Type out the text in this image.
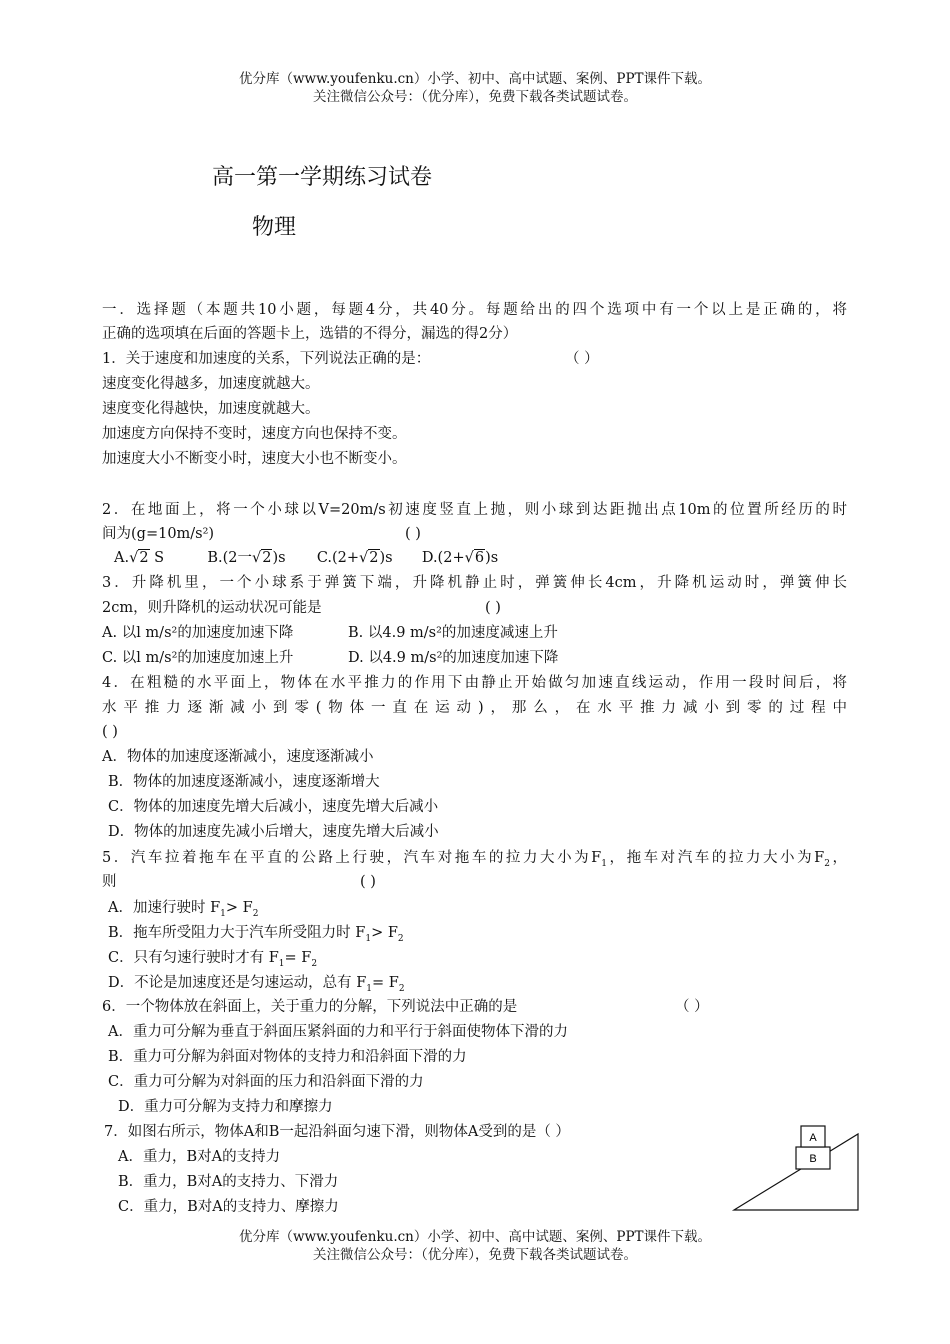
优分库（www.youfenku.cn）小学、初中、高中试题、案例、PPT课件下载。
关注微信公众号：（优分库），免费下载各类试题试卷。
高一第一学期练习试卷
物理
一．选择题（本题共10小题，每题4分，共40分。每题给出的四个选项中有一个以上是正确的，将
正确的选项填在后面的答题卡上，选错的不得分，漏选的得2分）
1．关于速度和加速度的关系，下列说法正确的是：	（ ）
速度变化得越多，加速度就越大。
速度变化得越快，加速度就越大。
加速度方向保持不变时，速度方向也保持不变。
加速度大小不断变小时，速度大小也不断变小。
2．在地面上，将一个小球以V=20m/s初速度竖直上抛，则小球到达距抛出点10m的位置所经历的时
间为(g=10m/s²)	( )
A.√2 S	B.(2一√2)s C.(2+√2)s D.(2+√6)s
3．升降机里，一个小球系于弹簧下端，升降机静止时，弹簧伸长4cm，升降机运动时，弹簧伸长
2cm，则升降机的运动状况可能是	( )
A. 以l m/s²的加速度加速下降	B. 以4.9 m/s²的加速度减速上升
C. 以l m/s²的加速度加速上升	D. 以4.9 m/s²的加速度加速下降
4．在粗糙的水平面上，物体在水平推力的作用下由静止开始做匀加速直线运动，作用一段时间后，将
水平推力逐渐减小到零(物体一直在运动)，那么，在水平推力减小到零的过程中
( )
A．物体的加速度逐渐减小，速度逐渐减小
B．物体的加速度逐渐减小，速度逐渐增大
C．物体的加速度先增大后减小，速度先增大后减小
D．物体的加速度先减小后增大，速度先增大后减小
5．汽车拉着拖车在平直的公路上行驶，汽车对拖车的拉力大小为$F_1$，拖车对汽车的拉力大小为$F_2$，
则	( )
A．加速行驶时 $F_1> F_2$
B．拖车所受阻力大于汽车所受阻力时 $F_1> F_2$
C．只有匀速行驶时才有 $F_1= F_2$
D．不论是加速度还是匀速运动，总有 $F_1= F_2$
6．一个物体放在斜面上，关于重力的分解，下列说法中正确的是	（ ）
A．重力可分解为垂直于斜面压紧斜面的力和平行于斜面使物体下滑的力
B．重力可分解为斜面对物体的支持力和沿斜面下滑的力
C．重力可分解为对斜面的压力和沿斜面下滑的力
D．重力可分解为支持力和摩擦力
7．如图右所示，物体A和B一起沿斜面匀速下滑，则物体A受到的是（ ）
A．重力，B对A的支持力
B．重力，B对A的支持力、下滑力
C．重力，B对A的支持力、摩擦力
A
B
优分库（www.youfenku.cn）小学、初中、高中试题、案例、PPT课件下载。
关注微信公众号：（优分库），免费下载各类试题试卷。
